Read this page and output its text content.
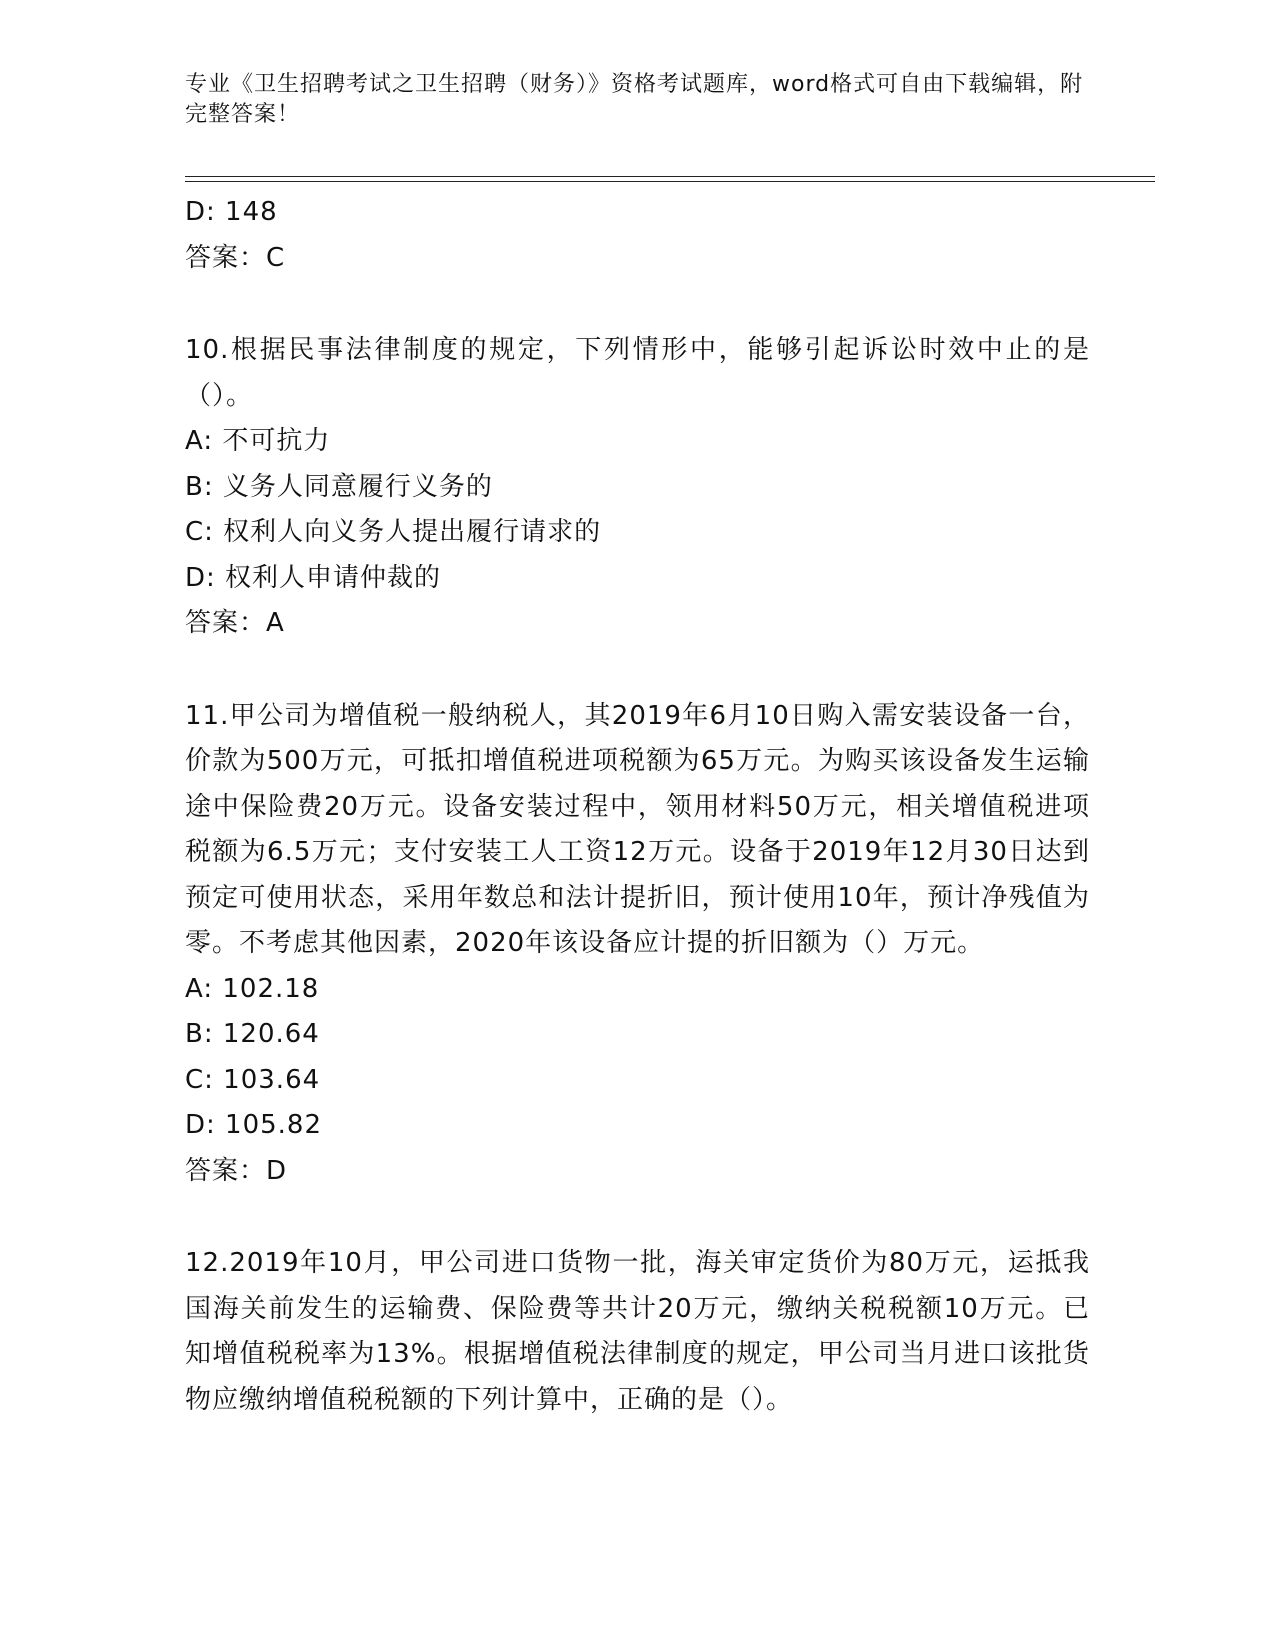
专业《卫生招聘考试之卫生招聘（财务）》资格考试题库，word格式可自由下载编辑，附完整答案！
D: 148
答案：C
10.根据民事法律制度的规定，下列情形中，能够引起诉讼时效中止的是（）。
A: 不可抗力
B: 义务人同意履行义务的
C: 权利人向义务人提出履行请求的
D: 权利人申请仲裁的
答案：A
11.甲公司为增值税一般纳税人，其2019年6月10日购入需安装设备一台，价款为500万元，可抵扣增值税进项税额为65万元。为购买该设备发生运输途中保险费20万元。设备安装过程中，领用材料50万元，相关增值税进项税额为6.5万元；支付安装工人工资12万元。设备于2019年12月30日达到预定可使用状态，采用年数总和法计提折旧，预计使用10年，预计净残值为零。不考虑其他因素，2020年该设备应计提的折旧额为（）万元。
A: 102.18
B: 120.64
C: 103.64
D: 105.82
答案：D
12.2019年10月，甲公司进口货物一批，海关审定货价为80万元，运抵我国海关前发生的运输费、保险费等共计20万元，缴纳关税税额10万元。已知增值税税率为13%。根据增值税法律制度的规定，甲公司当月进口该批货物应缴纳增值税税额的下列计算中，正确的是（）。
